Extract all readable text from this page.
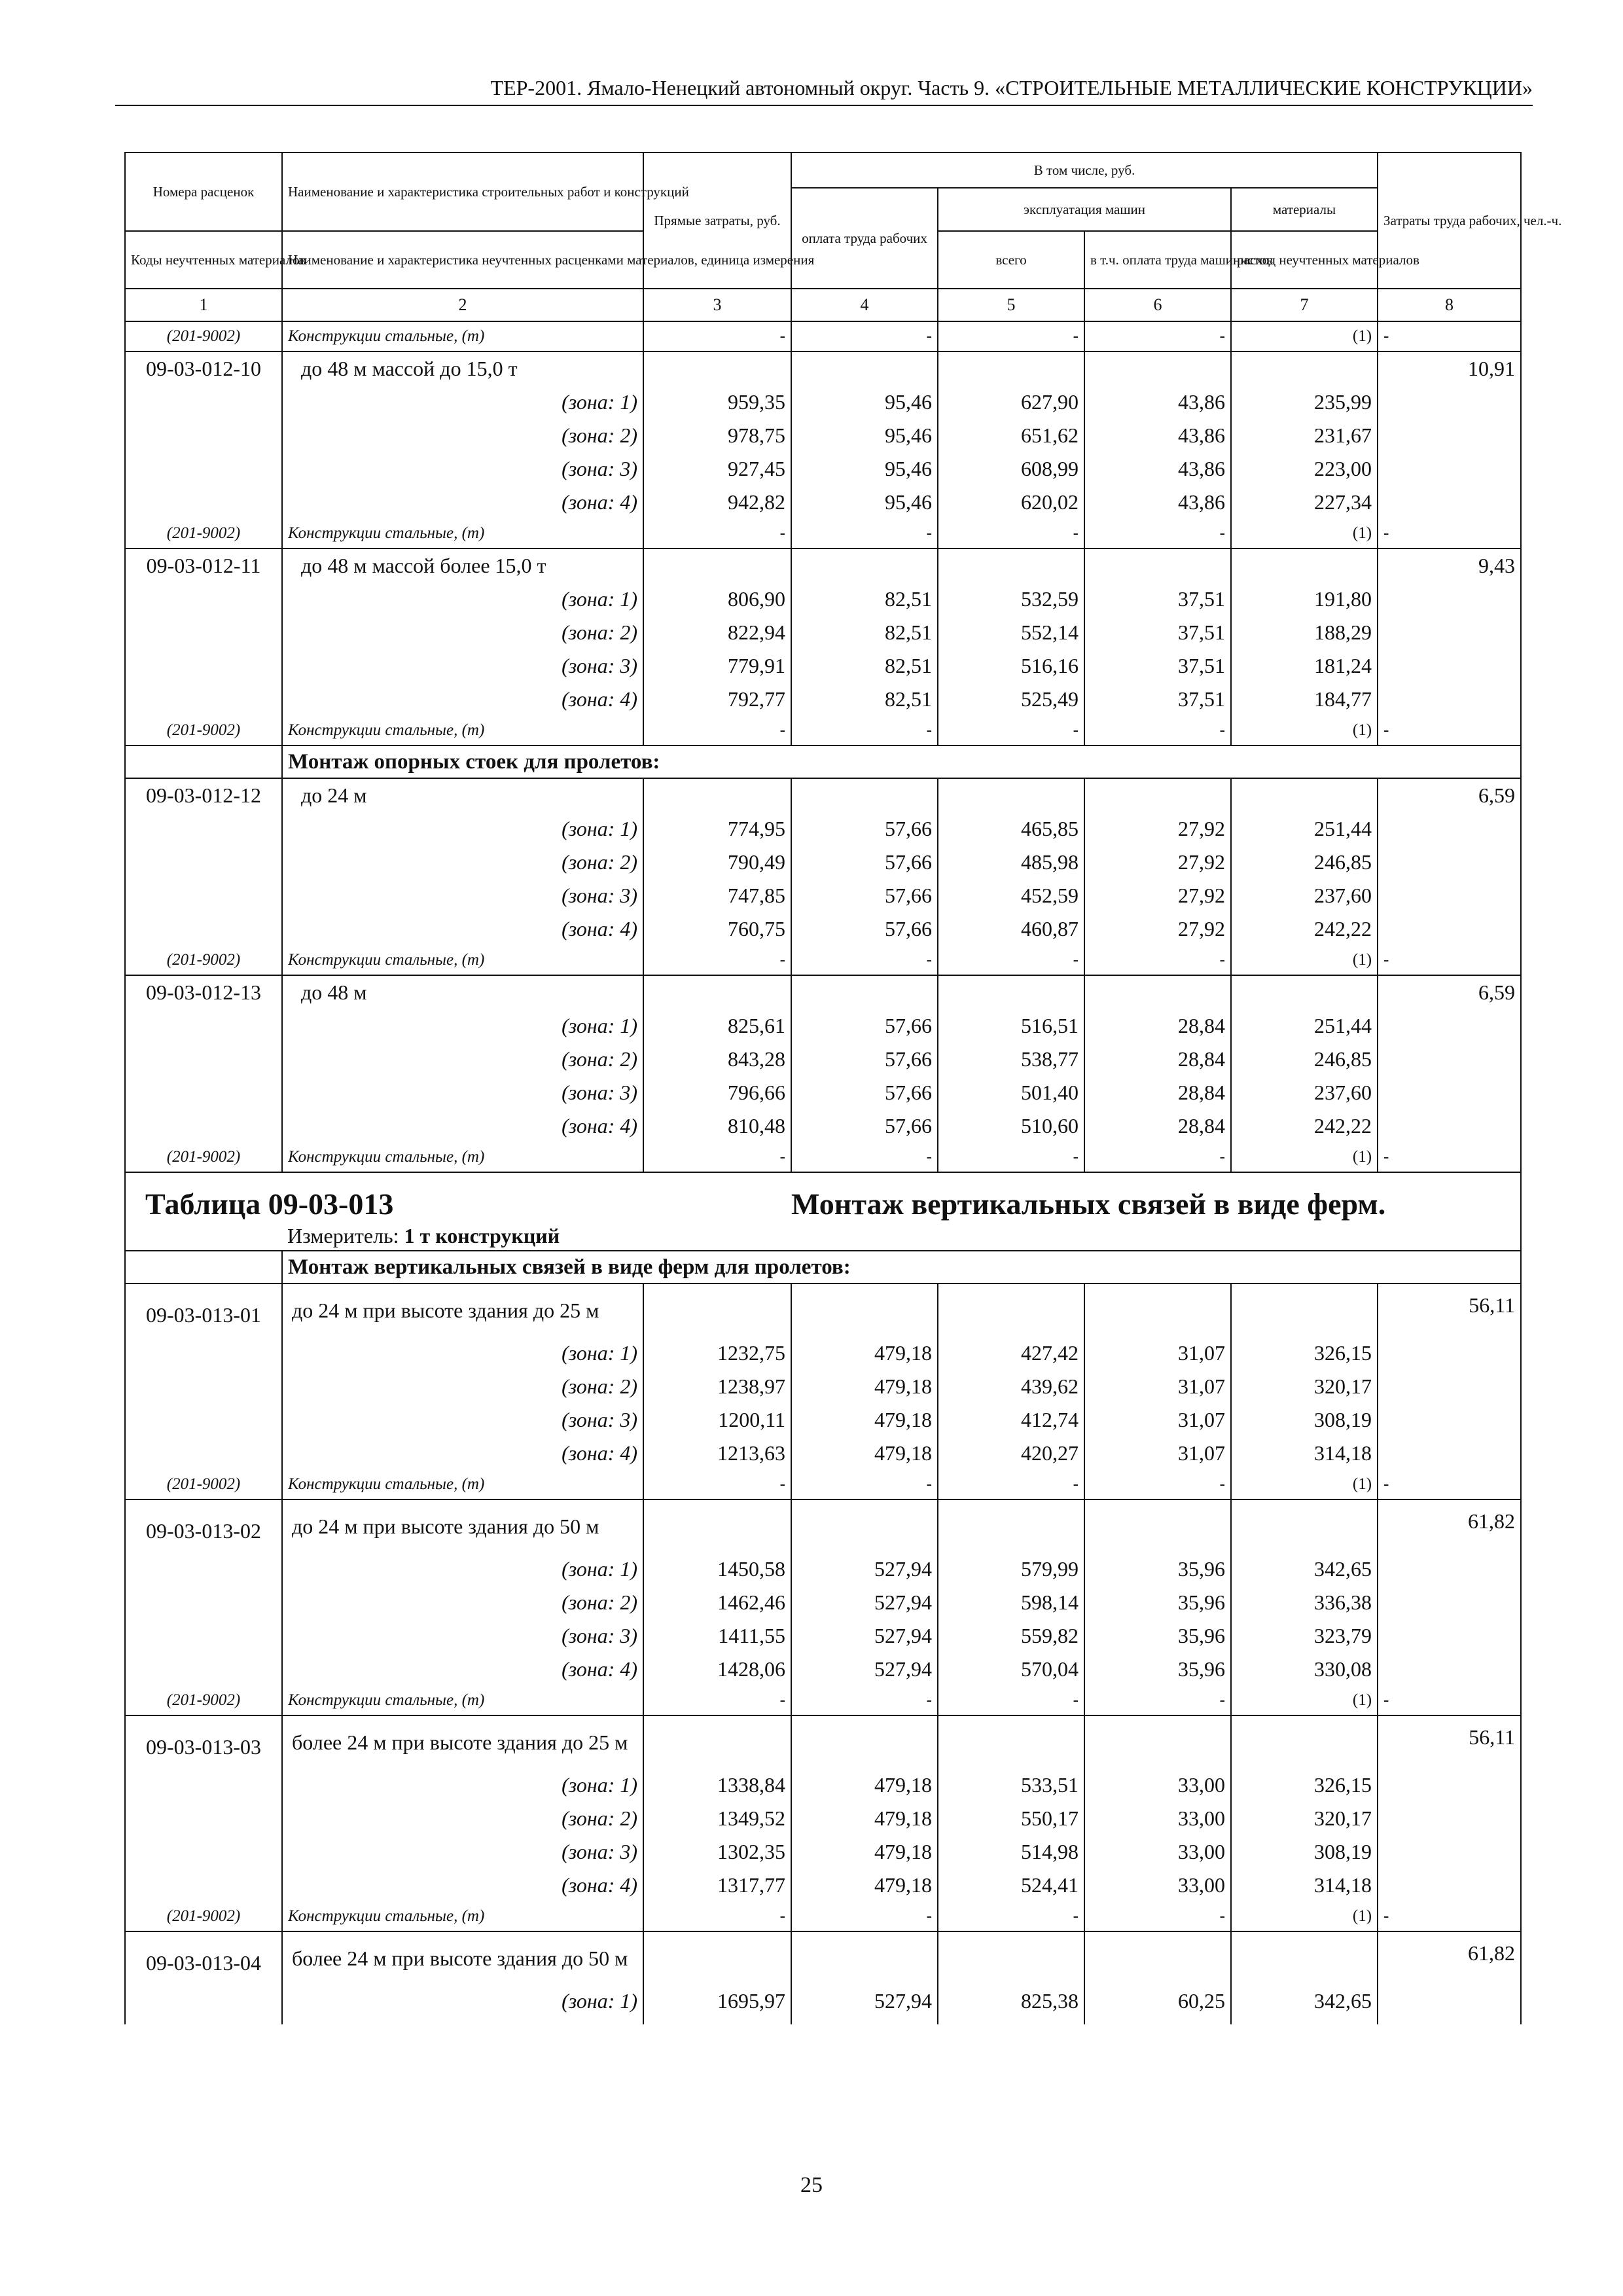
ТЕР-2001. Ямало-Ненецкий автономный округ. Часть 9. «СТРОИТЕЛЬНЫЕ МЕТАЛЛИЧЕСКИЕ КОНСТРУКЦИИ»
Номера расценок	Наименование и характеристика строительных работ и конструкций	Прямые затраты, руб.	В том числе, руб.				Затраты труда рабочих, чел.-ч.
			оплата труда рабочих	эксплуатация машин		материалы	
				всего	в т.ч. оплата труда машинистов	расход неучтенных материалов	
Коды неучтенных материалов	Наименование и характеристика неучтенных расценками материалов, единица измерения						

1	2	3	4	5	6	7	8
(201-9002)	Конструкции стальные, (т)	-	-	-	-	(1)	-
09-03-012-10	до 48 м массой до 15,0 т						10,91
	(зона: 1)	959,35	95,46	627,90	43,86	235,99	
	(зона: 2)	978,75	95,46	651,62	43,86	231,67	
	(зона: 3)	927,45	95,46	608,99	43,86	223,00	
	(зона: 4)	942,82	95,46	620,02	43,86	227,34	
(201-9002)	Конструкции стальные, (т)	-	-	-	-	(1)	-
09-03-012-11	до 48 м массой более 15,0 т						9,43
	(зона: 1)	806,90	82,51	532,59	37,51	191,80	
	(зона: 2)	822,94	82,51	552,14	37,51	188,29	
	(зона: 3)	779,91	82,51	516,16	37,51	181,24	
	(зона: 4)	792,77	82,51	525,49	37,51	184,77	
(201-9002)	Конструкции стальные, (т)	-	-	-	-	(1)	-
	Монтаж опорных стоек для пролетов:						
09-03-012-12	до 24 м						6,59
	(зона: 1)	774,95	57,66	465,85	27,92	251,44	
	(зона: 2)	790,49	57,66	485,98	27,92	246,85	
	(зона: 3)	747,85	57,66	452,59	27,92	237,60	
	(зона: 4)	760,75	57,66	460,87	27,92	242,22	
(201-9002)	Конструкции стальные, (т)	-	-	-	-	(1)	-
09-03-012-13	до 48 м						6,59
	(зона: 1)	825,61	57,66	516,51	28,84	251,44	
	(зона: 2)	843,28	57,66	538,77	28,84	246,85	
	(зона: 3)	796,66	57,66	501,40	28,84	237,60	
	(зона: 4)	810,48	57,66	510,60	28,84	242,22	
(201-9002)	Конструкции стальные, (т)	-	-	-	-	(1)	-
Таблица 09-03-013			Монтаж вертикальных связей в виде ферм.				
	Измеритель: 1 т конструкций						
	Монтаж вертикальных связей в виде ферм для пролетов:						
09-03-013-01	до 24 м при высоте здания до 25 м						56,11
	(зона: 1)	1232,75	479,18	427,42	31,07	326,15	
	(зона: 2)	1238,97	479,18	439,62	31,07	320,17	
	(зона: 3)	1200,11	479,18	412,74	31,07	308,19	
	(зона: 4)	1213,63	479,18	420,27	31,07	314,18	
(201-9002)	Конструкции стальные, (т)	-	-	-	-	(1)	-
09-03-013-02	до 24 м при высоте здания до 50 м						61,82
	(зона: 1)	1450,58	527,94	579,99	35,96	342,65	
	(зона: 2)	1462,46	527,94	598,14	35,96	336,38	
	(зона: 3)	1411,55	527,94	559,82	35,96	323,79	
	(зона: 4)	1428,06	527,94	570,04	35,96	330,08	
(201-9002)	Конструкции стальные, (т)	-	-	-	-	(1)	-
09-03-013-03	более 24 м при высоте здания до 25 м						56,11
	(зона: 1)	1338,84	479,18	533,51	33,00	326,15	
	(зона: 2)	1349,52	479,18	550,17	33,00	320,17	
	(зона: 3)	1302,35	479,18	514,98	33,00	308,19	
	(зона: 4)	1317,77	479,18	524,41	33,00	314,18	
(201-9002)	Конструкции стальные, (т)	-	-	-	-	(1)	-
09-03-013-04	более 24 м при высоте здания до 50 м						61,82
	(зона: 1)	1695,97	527,94	825,38	60,25	342,65	

25
